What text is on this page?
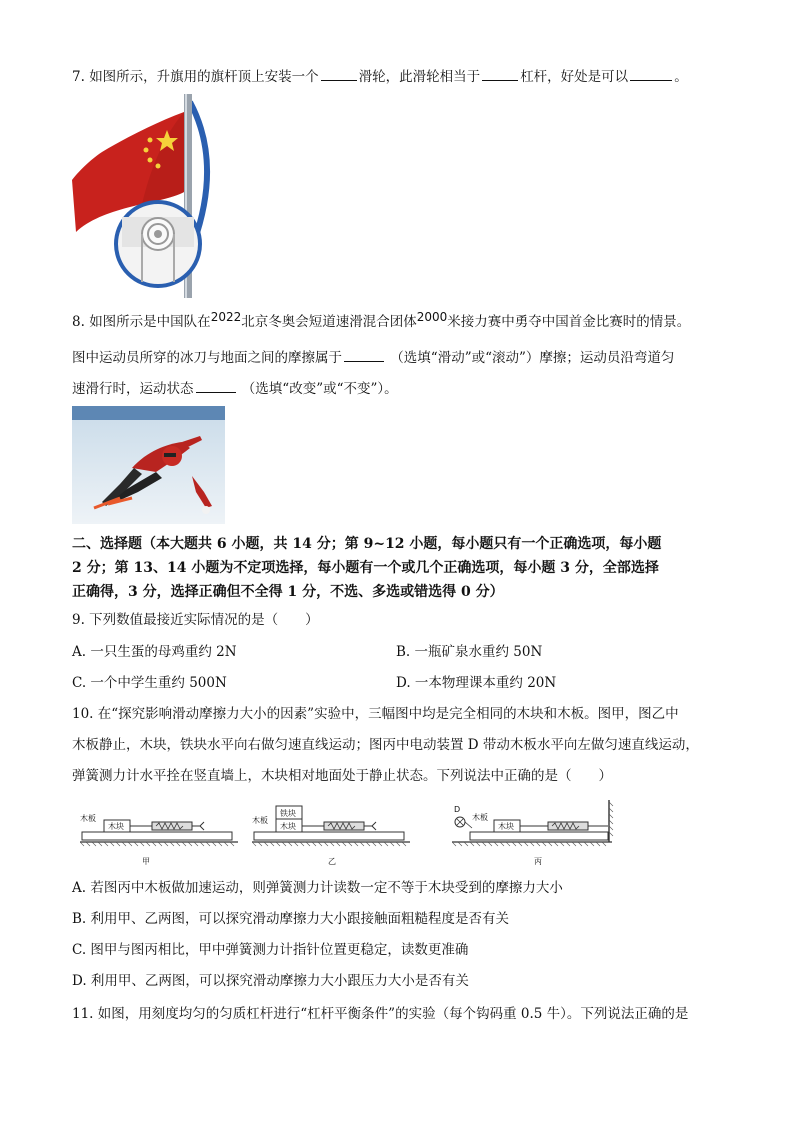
7. 如图所示，升旗用的旗杆顶上安装一个	滑轮，此滑轮相当于	杠杆，好处是可以	。
8. 如图所示是中国队在2022北京冬奥会短道速滑混合团体2000米接力赛中勇夺中国首金比赛时的情景。
图中运动员所穿的冰刀与地面之间的摩擦属于	（选填“滑动”或“滚动”）摩擦；运动员沿弯道匀
速滑行时，运动状态	（选填“改变”或“不变”）。
二、选择题（本大题共 6 小题，共 14 分；第 9~12 小题，每小题只有一个正确选项，每小题
2 分；第 13、14 小题为不定项选择，每小题有一个或几个正确选项，每小题 3 分，全部选择
正确得，3 分，选择正确但不全得 1 分，不选、多选或错选得 0 分）
9. 下列数值最接近实际情况的是（　　）
A. 一只生蛋的母鸡重约 2N	B. 一瓶矿泉水重约 50N
C. 一个中学生重约 500N	D. 一本物理课本重约 20N
10. 在“探究影响滑动摩擦力大小的因素”实验中，三幅图中均是完全相同的木块和木板。图甲，图乙中
木板静止，木块，铁块水平向右做匀速直线运动；图丙中电动装置 D 带动木板水平向左做匀速直线运动，
弹簧测力计水平拴在竖直墙上，木块相对地面处于静止状态。下列说法中正确的是（　　）
木板
木块
甲
木板
铁块
木块
乙
D
木板
木块
丙
A. 若图丙中木板做加速运动，则弹簧测力计读数一定不等于木块受到的摩擦力大小
B. 利用甲、乙两图，可以探究滑动摩擦力大小跟接触面粗糙程度是否有关
C. 图甲与图丙相比，甲中弹簧测力计指针位置更稳定，读数更准确
D. 利用甲、乙两图，可以探究滑动摩擦力大小跟压力大小是否有关
11. 如图，用刻度均匀的匀质杠杆进行“杠杆平衡条件”的实验（每个钩码重 0.5 牛）。下列说法正确的是
